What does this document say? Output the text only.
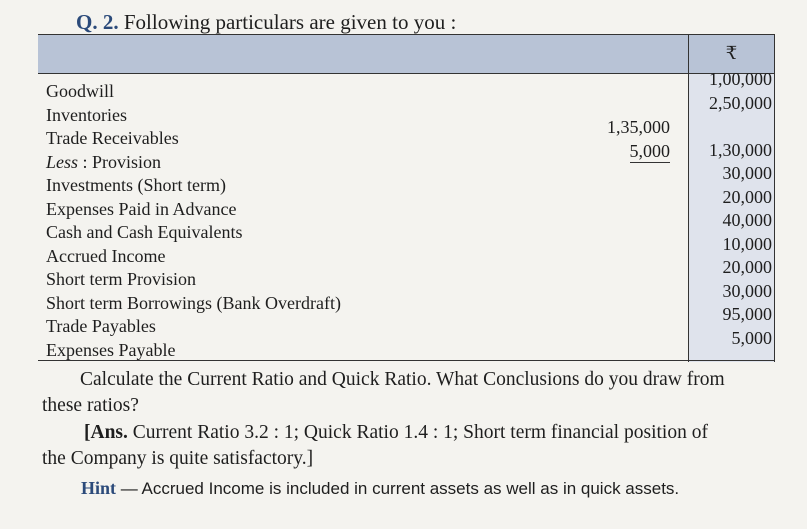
Q. 2. Following particulars are given to you :
₹
Goodwill
Inventories
Trade Receivables
Less : Provision
Investments (Short term)
Expenses Paid in Advance
Cash and Cash Equivalents
Accrued Income
Short term Provision
Short term Borrowings (Bank Overdraft)
Trade Payables
Expenses Payable
1,35,000
5,000
1,00,000
2,50,000
1,30,000
30,000
20,000
40,000
10,000
20,000
30,000
95,000
5,000
Calculate the Current Ratio and Quick Ratio. What Conclusions do you draw from
these ratios?
[Ans. Current Ratio 3.2 : 1; Quick Ratio 1.4 : 1; Short term financial position of
the Company is quite satisfactory.]
Hint — Accrued Income is included in current assets as well as in quick assets.
